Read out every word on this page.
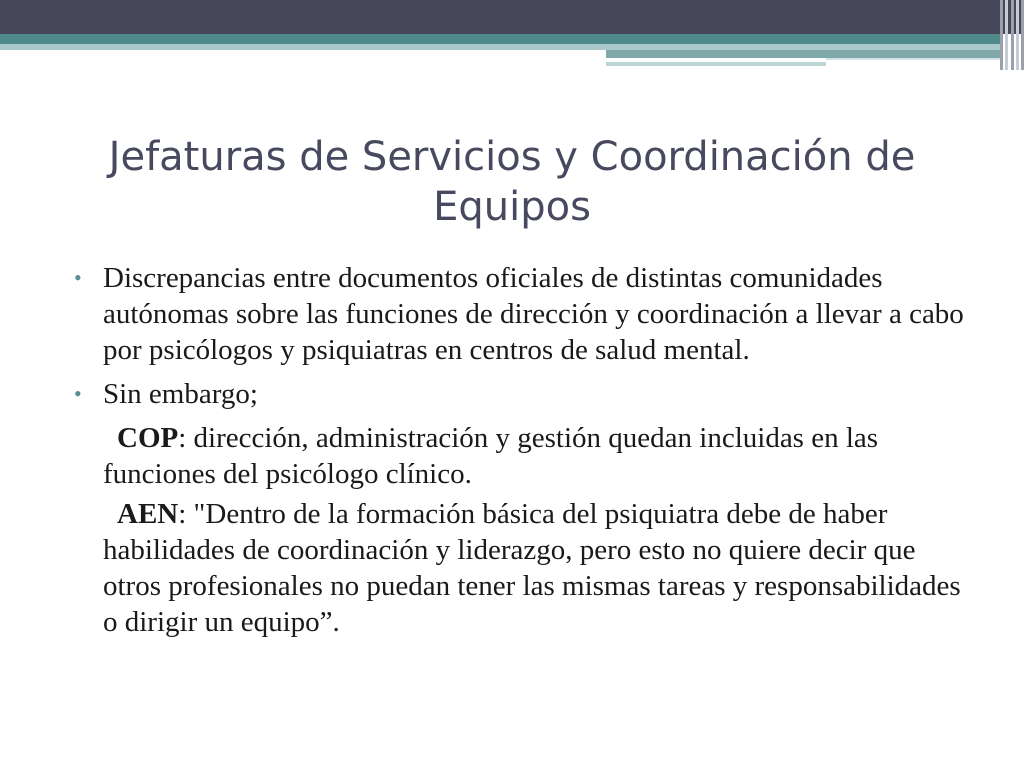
Jefaturas de Servicios y Coordinación de Equipos
• Discrepancias entre documentos oficiales de distintas comunidades autónomas sobre las funciones de dirección y coordinación a llevar a cabo por psicólogos y psiquiatras en centros de salud mental.
• Sin embargo;
COP: dirección, administración y gestión quedan incluidas en las funciones del psicólogo clínico.
AEN: "Dentro de la formación básica del psiquiatra debe de haber habilidades de coordinación y liderazgo, pero esto no quiere decir que otros profesionales no puedan tener las mismas tareas y responsabilidades o dirigir un equipo”.
